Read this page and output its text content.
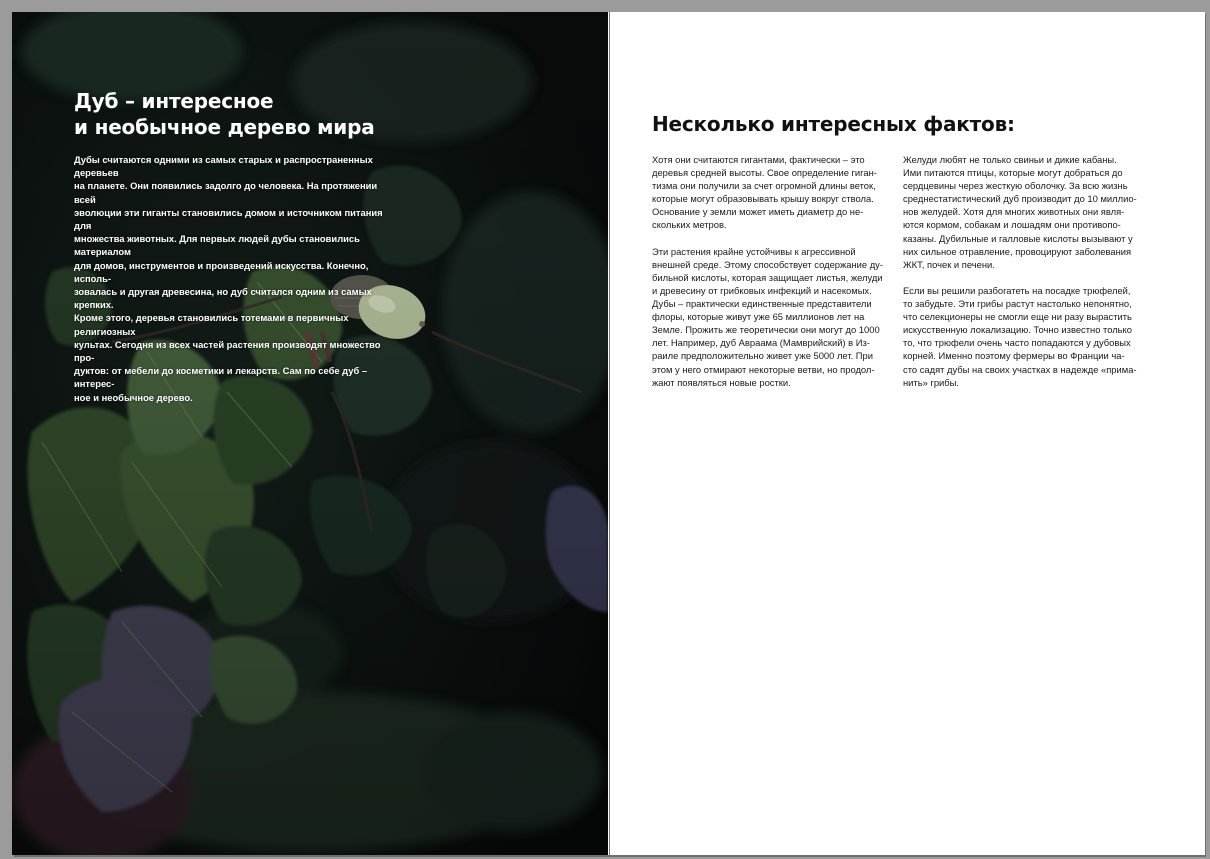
Дуб – интересное
и необычное дерево мира

Дубы считаются одними из самых старых и распространенных деревьев
на планете. Они появились задолго до человека. На протяжении всей
эволюции эти гиганты становились домом и источником питания для
множества животных. Для первых людей дубы становились материалом
для домов, инструментов и произведений искусства. Конечно, исполь-
зовалась и другая древесина, но дуб считался одним из самых крепких.
Кроме этого, деревья становились тотемами в первичных религиозных
культах. Сегодня из всех частей растения производят множество про-
дуктов: от мебели до косметики и лекарств. Сам по себе дуб – интерес-
ное и необычное дерево.

Несколько интересных фактов:

Хотя они считаются гигантами, фактически – это
деревья средней высоты. Свое определение гиган-
тизма они получили за счет огромной длины веток,
которые могут образовывать крышу вокруг ствола.
Основание у земли может иметь диаметр до не-
скольких метров.

Эти растения крайне устойчивы к агрессивной
внешней среде. Этому способствует содержание ду-
бильной кислоты, которая защищает листья, желуди
и древесину от грибковых инфекций и насекомых.
Дубы – практически единственные представители
флоры, которые живут уже 65 миллионов лет на
Земле. Прожить же теоретически они могут до 1000
лет. Например, дуб Авраама (Мамврийский) в Из-
раиле предположительно живет уже 5000 лет. При
этом у него отмирают некоторые ветви, но продол-
жают появляться новые ростки.

Желуди любят не только свиньи и дикие кабаны.
Ими питаются птицы, которые могут добраться до
сердцевины через жесткую оболочку. За всю жизнь
среднестатистический дуб производит до 10 миллио-
нов желудей. Хотя для многих животных они явля-
ются кормом, собакам и лошадям они противопо-
казаны. Дубильные и галловые кислоты вызывают у
них сильное отравление, провоцируют заболевания
ЖКТ, почек и печени.

Если вы решили разбогатеть на посадке трюфелей,
то забудьте. Эти грибы растут настолько непонятно,
что селекционеры не смогли еще ни разу вырастить
искусственную локализацию. Точно известно только
то, что трюфели очень часто попадаются у дубовых
корней. Именно поэтому фермеры во Франции ча-
сто садят дубы на своих участках в надежде «прима-
нить» грибы.
